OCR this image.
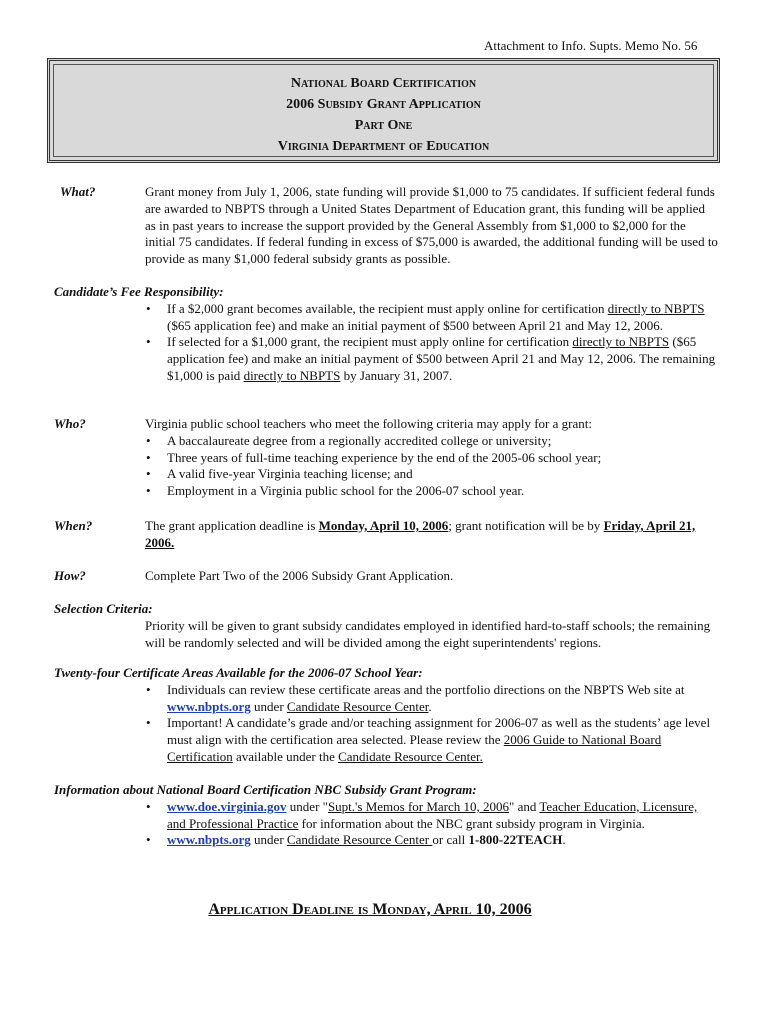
Attachment to Info. Supts. Memo No. 56
National Board Certification
2006 Subsidy Grant Application
Part One
Virginia Department of Education
What?	Grant money from July 1, 2006, state funding will provide $1,000 to 75 candidates. If sufficient federal funds are awarded to NBPTS through a United States Department of Education grant, this funding will be applied as in past years to increase the support provided by the General Assembly from $1,000 to $2,000 for the initial 75 candidates. If federal funding in excess of $75,000 is awarded, the additional funding will be used to provide as many $1,000 federal subsidy grants as possible.
Candidate’s Fee Responsibility:
• If a $2,000 grant becomes available, the recipient must apply online for certification directly to NBPTS ($65 application fee) and make an initial payment of $500 between April 21 and May 12, 2006.
• If selected for a $1,000 grant, the recipient must apply online for certification directly to NBPTS ($65 application fee) and make an initial payment of $500 between April 21 and May 12, 2006. The remaining $1,000 is paid directly to NBPTS by January 31, 2007.
Who?	Virginia public school teachers who meet the following criteria may apply for a grant:
• A baccalaureate degree from a regionally accredited college or university;
• Three years of full-time teaching experience by the end of the 2005-06 school year;
• A valid five-year Virginia teaching license; and
• Employment in a Virginia public school for the 2006-07 school year.
When?	The grant application deadline is Monday, April 10, 2006; grant notification will be by Friday, April 21, 2006.
How?	Complete Part Two of the 2006 Subsidy Grant Application.
Selection Criteria:
Priority will be given to grant subsidy candidates employed in identified hard-to-staff schools; the remaining will be randomly selected and will be divided among the eight superintendents' regions.
Twenty-four Certificate Areas Available for the 2006-07 School Year:
• Individuals can review these certificate areas and the portfolio directions on the NBPTS Web site at www.nbpts.org under Candidate Resource Center.
• Important! A candidate’s grade and/or teaching assignment for 2006-07 as well as the students’ age level must align with the certification area selected. Please review the 2006 Guide to National Board Certification available under the Candidate Resource Center.
Information about National Board Certification NBC Subsidy Grant Program:
• www.doe.virginia.gov under "Supt.'s Memos for March 10, 2006" and Teacher Education, Licensure, and Professional Practice for information about the NBC grant subsidy program in Virginia.
• www.nbpts.org under Candidate Resource Center or call 1-800-22TEACH.
Application Deadline is Monday, April 10, 2006
